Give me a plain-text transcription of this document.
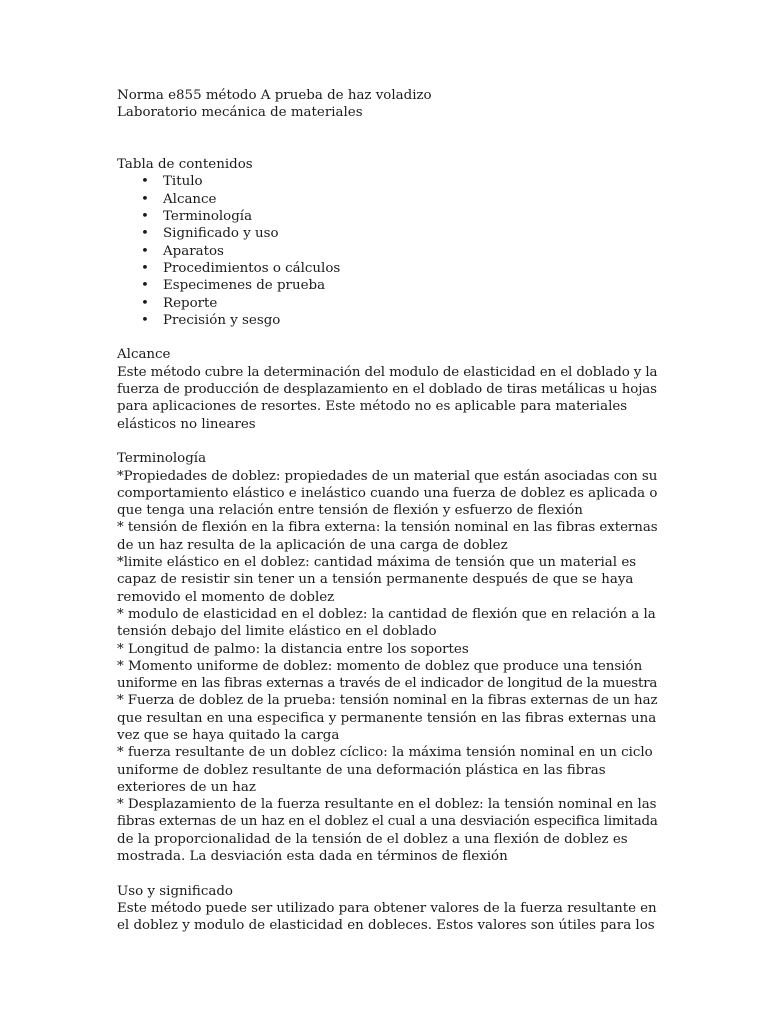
Norma e855 método A prueba de haz voladizo
Laboratorio mecánica de materiales
Tabla de contenidos
• Titulo
• Alcance
• Terminología
• Significado y uso
• Aparatos
• Procedimientos o cálculos
• Especimenes de prueba
• Reporte
• Precisión y sesgo
Alcance
Este método cubre la determinación del modulo de elasticidad en el doblado y la
fuerza de producción de desplazamiento en el doblado de tiras metálicas u hojas
para aplicaciones de resortes. Este método no es aplicable para materiales
elásticos no lineares
Terminología
*Propiedades de doblez: propiedades de un material que están asociadas con su
comportamiento elástico e inelástico cuando una fuerza de doblez es aplicada o
que tenga una relación entre tensión de flexión y esfuerzo de flexión
* tensión de flexión en la fibra externa: la tensión nominal en las fibras externas
de un haz resulta de la aplicación de una carga de doblez
*limite elástico en el doblez: cantidad máxima de tensión que un material es
capaz de resistir sin tener un a tensión permanente después de que se haya
removido el momento de doblez
* modulo de elasticidad en el doblez: la cantidad de flexión que en relación a la
tensión debajo del limite elástico en el doblado
* Longitud de palmo: la distancia entre los soportes
* Momento uniforme de doblez: momento de doblez que produce una tensión
uniforme en las fibras externas a través de el indicador de longitud de la muestra
* Fuerza de doblez de la prueba: tensión nominal en la fibras externas de un haz
que resultan en una especifica y permanente tensión en las fibras externas una
vez que se haya quitado la carga
* fuerza resultante de un doblez cíclico: la máxima tensión nominal en un ciclo
uniforme de doblez resultante de una deformación plástica en las fibras
exteriores de un haz
* Desplazamiento de la fuerza resultante en el doblez: la tensión nominal en las
fibras externas de un haz en el doblez el cual a una desviación especifica limitada
de la proporcionalidad de la tensión de el doblez a una flexión de doblez es
mostrada. La desviación esta dada en términos de flexión
Uso y significado
Este método puede ser utilizado para obtener valores de la fuerza resultante en
el doblez y modulo de elasticidad en dobleces. Estos valores son útiles para los
